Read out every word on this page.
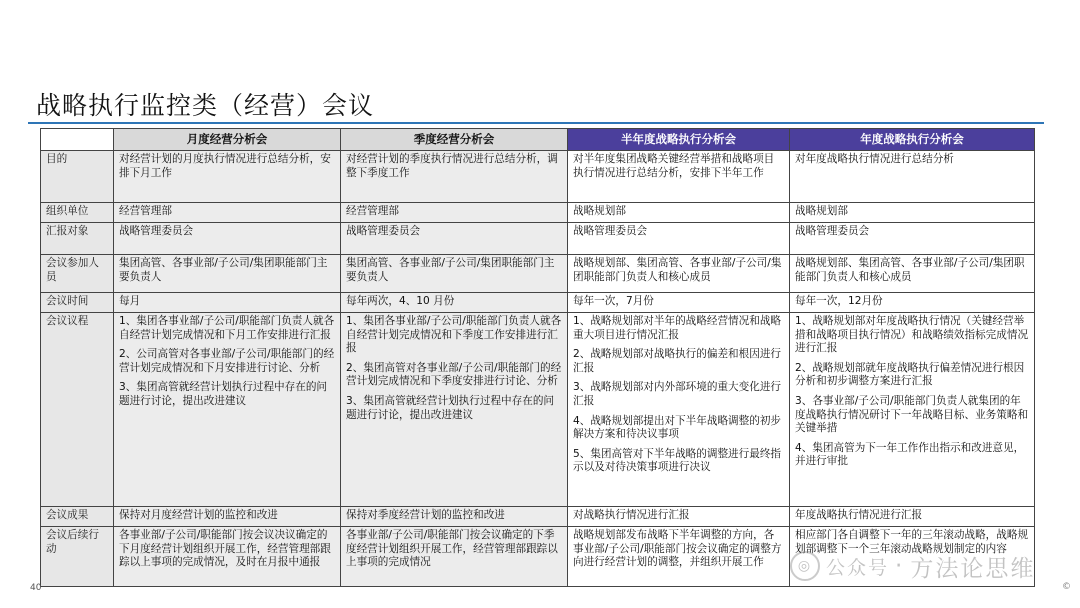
战略执行监控类（经营）会议
	月度经营分析会	季度经营分析会	半年度战略执行分析会	年度战略执行分析会
目的	对经营计划的月度执行情况进行总结分析，安排下月工作	对经营计划的季度执行情况进行总结分析，调整下季度工作	对半年度集团战略关键经营举措和战略项目执行情况进行总结分析，安排下半年工作	对年度战略执行情况进行总结分析

组织单位	经营管理部	经营管理部	战略规划部	战略规划部

汇报对象	战略管理委员会	战略管理委员会	战略管理委员会	战略管理委员会

会议参加人员	集团高管、各事业部/子公司/集团职能部门主要负责人	集团高管、各事业部/子公司/集团职能部门主要负责人	战略规划部、集团高管、各事业部/子公司/集团职能部门负责人和核心成员	战略规划部、集团高管、各事业部/子公司/集团职能部门负责人和核心成员

会议时间	每月	每年两次，4、10 月份	每年一次，7月份	每年一次，12月份

会议议程	1、集团各事业部/子公司/职能部门负责人就各自经营计划完成情况和下月工作安排进行汇报
2、公司高管对各事业部/子公司/职能部门的经营计划完成情况和下月安排进行讨论、分析
3、集团高管就经营计划执行过程中存在的问题进行讨论，提出改进建议	1、集团各事业部/子公司/职能部门负责人就各自经营计划完成情况和下季度工作安排进行汇报
2、集团高管对各事业部/子公司/职能部门的经营计划完成情况和下季度安排进行讨论、分析
3、集团高管就经营计划执行过程中存在的问题进行讨论，提出改进建议	1、战略规划部对半年的战略经营情况和战略重大项目进行情况汇报
2、战略规划部对战略执行的偏差和根因进行汇报
3、战略规划部对内外部环境的重大变化进行汇报
4、战略规划部提出对下半年战略调整的初步解决方案和待决议事项
5、集团高管对下半年战略的调整进行最终指示以及对待决策事项进行决议	1、战略规划部对年度战略执行情况（关键经营举措和战略项目执行情况）和战略绩效指标完成情况进行汇报
2、战略规划部就年度战略执行偏差情况进行根因分析和初步调整方案进行汇报
3、各事业部/子公司/职能部门负责人就集团的年度战略执行情况研讨下一年战略目标、业务策略和关键举措
4、集团高管为下一年工作作出指示和改进意见，并进行审批

会议成果	保持对月度经营计划的监控和改进	保持对季度经营计划的监控和改进	对战略执行情况进行汇报	年度战略执行情况进行汇报

会议后续行动	各事业部/子公司/职能部门按会议决议确定的下月度经营计划组织开展工作，经营管理部跟踪以上事项的完成情况，及时在月报中通报	各事业部/子公司/职能部门按会议确定的下季度经营计划组织开展工作，经营管理部跟踪以上事项的完成情况	战略规划部发布战略下半年调整的方向，各事业部/子公司/职能部门按会议确定的调整方向进行经营计划的调整，并组织开展工作	相应部门各自调整下一年的三年滚动战略，战略规划部调整下一个三年滚动战略规划制定的内容
40	©
◎ 公众号 · 方法论思维
